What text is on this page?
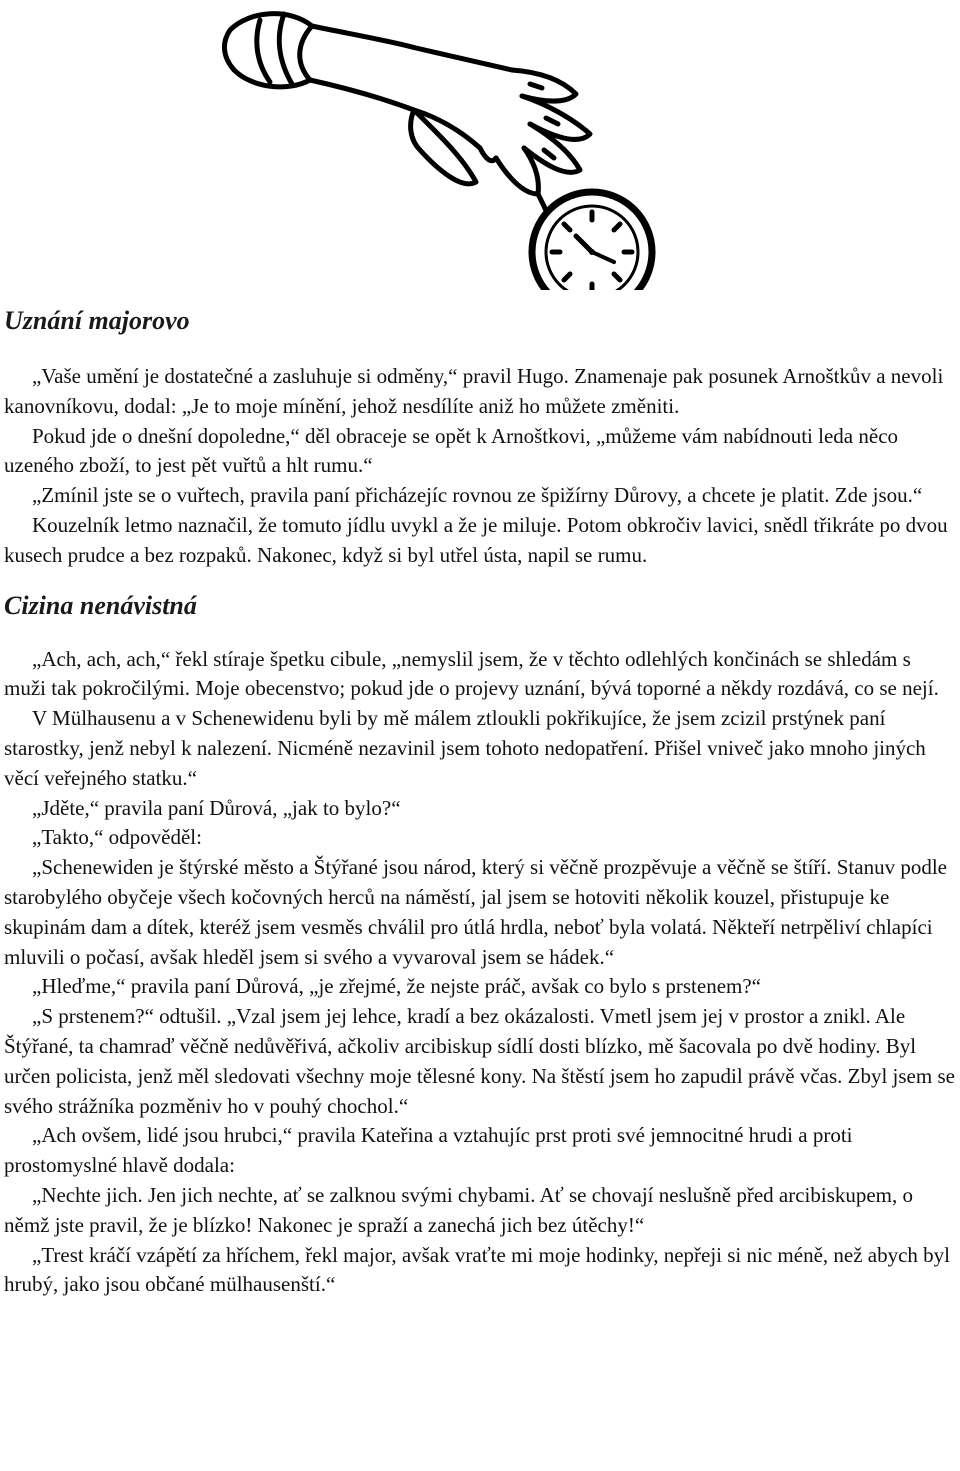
Uznání majorovo

„Vaše umění je dostatečné a zasluhuje si odměny,“ pravil Hugo. Znamenaje pak posunek Arnoštkův a nevoli kanovníkovu, dodal: „Je to moje mínění, jehož nesdílíte aniž ho můžete změniti.

Pokud jde o dnešní dopoledne,“ děl obraceje se opět k Arnoštkovi, „můžeme vám nabídnouti leda něco uzeného zboží, to jest pět vuřtů a hlt rumu.“

„Zmínil jste se o vuřtech, pravila paní přicházejíc rovnou ze špižírny Důrovy, a chcete je platit. Zde jsou.“

Kouzelník letmo naznačil, že tomuto jídlu uvykl a že je miluje. Potom obkročiv lavici, snědl třikráte po dvou kusech prudce a bez rozpaků. Nakonec, když si byl utřel ústa, napil se rumu.

Cizina nenávistná

„Ach, ach, ach,“ řekl stíraje špetku cibule, „nemyslil jsem, že v těchto odlehlých končinách se shledám s muži tak pokročilými. Moje obecenstvo; pokud jde o projevy uznání, bývá toporné a někdy rozdává, co se nejí.

V Mülhausenu a v Schenewidenu byli by mě málem ztloukli pokřikujíce, že jsem zcizil prstýnek paní starostky, jenž nebyl k nalezení. Nicméně nezavinil jsem tohoto nedopatření. Přišel vniveč jako mnoho jiných věcí veřejného statku.“

„Jděte,“ pravila paní Důrová, „jak to bylo?“

„Takto,“ odpověděl:

„Schenewiden je štýrské město a Štýřané jsou národ, který si věčně prozpěvuje a věčně se štíří. Stanuv podle starobylého obyčeje všech kočovných herců na náměstí, jal jsem se hotoviti několik kouzel, přistupuje ke skupinám dam a dítek, kteréž jsem vesměs chválil pro útlá hrdla, neboť byla volatá. Někteří netrpěliví chlapíci mluvili o počasí, avšak hleděl jsem si svého a vyvaroval jsem se hádek.“

„Hleďme,“ pravila paní Důrová, „je zřejmé, že nejste práč, avšak co bylo s prstenem?“

„S prstenem?“ odtušil. „Vzal jsem jej lehce, kradí a bez okázalosti. Vmetl jsem jej v prostor a znikl. Ale Štýřané, ta chamraď věčně nedůvěřivá, ačkoliv arcibiskup sídlí dosti blízko, mě šacovala po dvě hodiny. Byl určen policista, jenž měl sledovati všechny moje tělesné kony. Na štěstí jsem ho zapudil právě včas. Zbyl jsem se svého strážníka pozměniv ho v pouhý chochol.“

„Ach ovšem, lidé jsou hrubci,“ pravila Kateřina a vztahujíc prst proti své jemnocitné hrudi a proti prostomyslné hlavě dodala:

„Nechte jich. Jen jich nechte, ať se zalknou svými chybami. Ať se chovají neslušně před arcibiskupem, o němž jste pravil, že je blízko! Nakonec je spraží a zanechá jich bez útěchy!“

„Trest kráčí vzápětí za hříchem, řekl major, avšak vraťte mi moje hodinky, nepřeji si nic méně, než abych byl hrubý, jako jsou občané mülhausenští.“
